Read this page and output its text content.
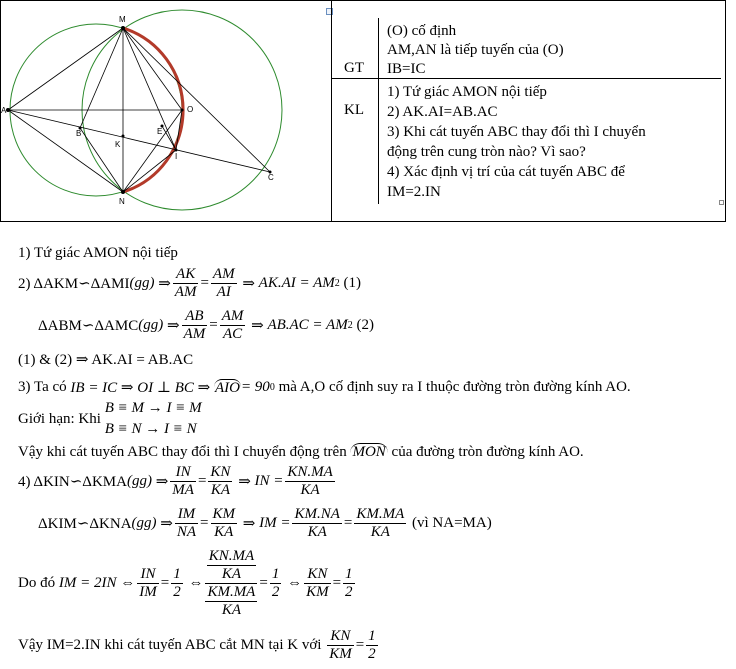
M
A
B
K
E
O
I
N
C
GT
KL
(O) cố định
AM,AN là tiếp tuyến của (O)
IB=IC
1) Tứ giác AMON nội tiếp
2) AK.AI=AB.AC
3) Khi cát tuyến ABC thay đổi thì I chuyển
động trên cung tròn nào? Vì sao?
4) Xác định vị trí của cát tuyến ABC để
IM=2.IN
1) Tứ giác AMON nội tiếp
2) ΔAKM∽ΔAMI (gg) ⇒ $\frac{AK}{AM} = \frac{AM}{AI}$ ⇒ AK.AI = AM 2
(1)
ΔABM∽ΔAMC (gg) ⇒ $\frac{AB}{AM} = \frac{AM}{AC}$ ⇒ AB.AC = AM 2
(2)
(1) & (2) ⇒ AK.AI = AB.AC
3) Ta có
IB = IC ⇒ OI ⊥ BC ⇒
AIO = 90 0
mà A,O cố định suy ra I thuộc đường tròn đường kính AO.
Giới hạn: Khi

B ≡ M → I ≡ M
B ≡ N → I ≡ N
Vậy khi cát tuyến ABC thay đổi thì I chuyển động trên
MON
của đường tròn đường kính AO.
4) ΔKIN∽ΔKMA (gg) ⇒ $\frac{IN}{MA} = \frac{KN}{KA}$ ⇒ IN = $\frac{KN.MA}{KA}$
ΔKIM∽ΔKNA (gg) ⇒ $\frac{IM}{NA} = \frac{KM}{KA}$ ⇒ IM = $\frac{KM.NA}{KA} = \frac{KM.MA}{KA}$
(vì NA=MA)
Do đó
IM = 2IN ⇔ $\frac{IN}{IM} = \frac{1}{2}$ ⇔ $\frac{\frac{KN.MA}{KA}}{\frac{KM.MA}{KA}} = \frac{1}{2}$ ⇔ $\frac{KN}{KM} = \frac{1}{2}$
Vậy IM=2.IN khi cát tuyến ABC cắt MN tại K với
$\frac{KN}{KM} = \frac{1}{2}$
